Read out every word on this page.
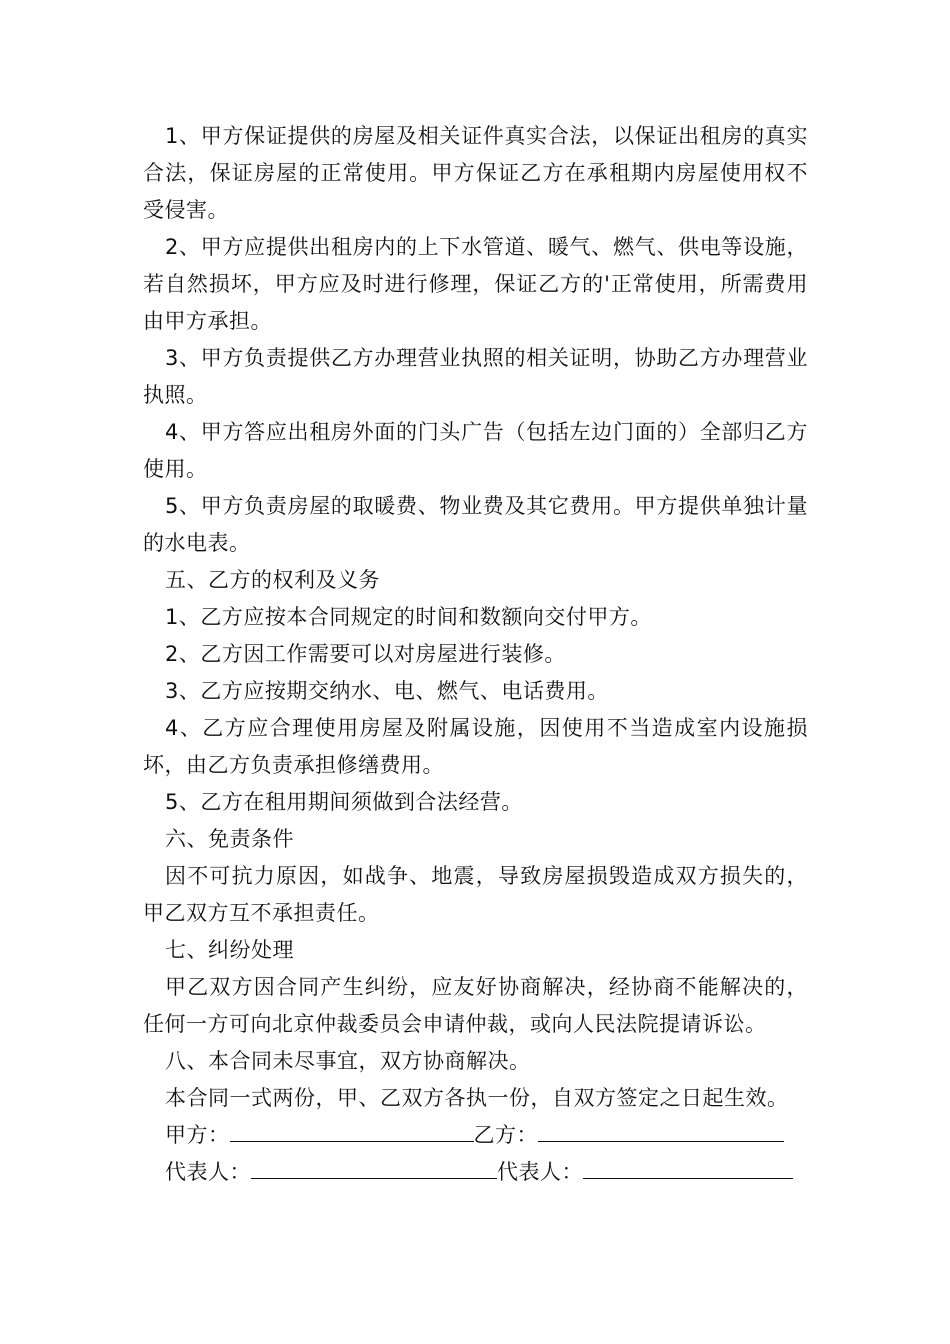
1、甲方保证提供的房屋及相关证件真实合法，以保证出租房的真实合法，保证房屋的正常使用。甲方保证乙方在承租期内房屋使用权不受侵害。

2、甲方应提供出租房内的上下水管道、暖气、燃气、供电等设施，若自然损坏，甲方应及时进行修理，保证乙方的'正常使用，所需费用由甲方承担。

3、甲方负责提供乙方办理营业执照的相关证明，协助乙方办理营业执照。

4、甲方答应出租房外面的门头广告（包括左边门面的）全部归乙方使用。

5、甲方负责房屋的取暖费、物业费及其它费用。甲方提供单独计量的水电表。

五、乙方的权利及义务

1、乙方应按本合同规定的时间和数额向交付甲方。

2、乙方因工作需要可以对房屋进行装修。

3、乙方应按期交纳水、电、燃气、电话费用。

4、乙方应合理使用房屋及附属设施，因使用不当造成室内设施损坏，由乙方负责承担修缮费用。

5、乙方在租用期间须做到合法经营。

六、免责条件

因不可抗力原因，如战争、地震，导致房屋损毁造成双方损失的，甲乙双方互不承担责任。

七、纠纷处理

甲乙双方因合同产生纠纷，应友好协商解决，经协商不能解决的，任何一方可向北京仲裁委员会申请仲裁，或向人民法院提请诉讼。

八、本合同未尽事宜，双方协商解决。

本合同一式两份，甲、乙双方各执一份，自双方签定之日起生效。

甲方：	乙方：

代表人：	代表人：
